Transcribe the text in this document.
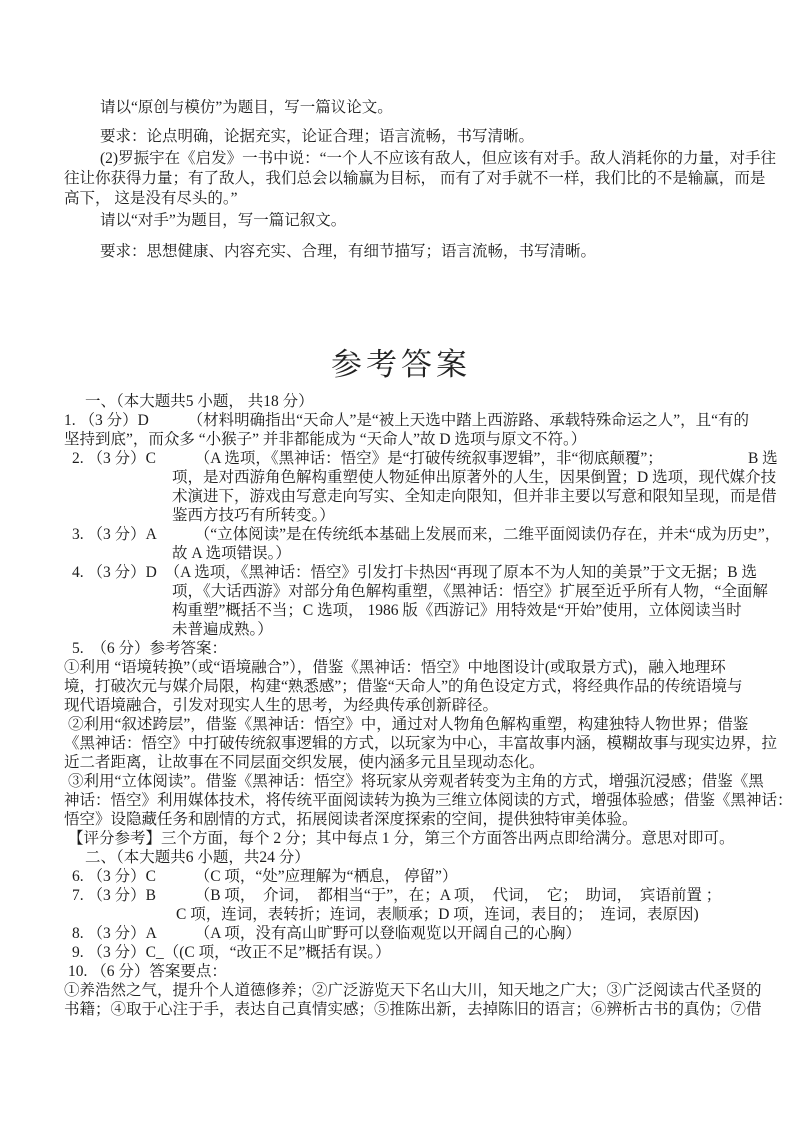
请以“原创与模仿”为题目，写一篇议论文。
要求：论点明确，论据充实，论证合理；语言流畅，书写清晰。
(2)罗振宇在《启发》一书中说：“一个人不应该有敌人，但应该有对手。敌人消耗你的力量，对手往
往让你获得力量；有了敌人，我们总会以输赢为目标， 而有了对手就不一样，我们比的不是输赢，而是
高下， 这是没有尽头的。”
请以“对手”为题目，写一篇记叙文。
要求：思想健康、内容充实、合理，有细节描写；语言流畅，书写清晰。
参考答案
一、（本大题共5 小题， 共18 分）
1. （3 分）D　　　（材料明确指出“天命人”是“被上天选中踏上西游路、承载特殊命运之人”，且“有的
坚持到底”，而众多 “小猴子” 并非都能成为 “天命人”故 D 选项与原文不符。）
2. （3 分）C　　　（A 选项，《黑神话：悟空》是“打破传统叙事逻辑”，非“彻底颠覆”；　　　　　　B 选
项，是对西游角色解构重塑使人物延伸出原著外的人生，因果倒置；D 选项，现代媒介技
术演进下，游戏由写意走向写实、全知走向限知，但并非主要以写意和限知呈现，而是借
鉴西方技巧有所转变。）
3. （3 分）A　　　（“立体阅读”是在传统纸本基础上发展而来，二维平面阅读仍存在，并未“成为历史”，
故 A 选项错误。）
4. （3 分）D　（A 选项，《黑神话：悟空》引发打卡热因“再现了原本不为人知的美景”于文无据；B 选
项，《大话西游》对部分角色解构重塑，《黑神话：悟空》扩展至近乎所有人物，“全面解
构重塑”概括不当；C 选项， 1986 版《西游记》用特效是“开始”使用，立体阅读当时
未普遍成熟。）
5.  （6 分）参考答案：
①利用 “语境转换”（或“语境融合”），借鉴《黑神话：悟空》中地图设计(或取景方式)，融入地理环
境，打破次元与媒介局限，构建“熟悉感”；借鉴“天命人”的角色设定方式，将经典作品的传统语境与
现代语境融合，引发对现实人生的思考，为经典传承创新辟径。
②利用“叙述跨层”，借鉴《黑神话：悟空》中，通过对人物角色解构重塑，构建独特人物世界；借鉴
《黑神话：悟空》中打破传统叙事逻辑的方式，以玩家为中心，丰富故事内涵，模糊故事与现实边界，拉
近二者距离，让故事在不同层面交织发展，使内涵多元且呈现动态化。
③利用“立体阅读”。借鉴《黑神话：悟空》将玩家从旁观者转变为主角的方式，增强沉浸感；借鉴《黑
神话：悟空》利用媒体技术，将传统平面阅读转为换为三维立体阅读的方式，增强体验感；借鉴《黑神话：
悟空》设隐藏任务和剧情的方式，拓展阅读者深度探索的空间，提供独特审美体验。
【评分参考】三个方面，每个 2 分；其中每点 1 分，第三个方面答出两点即给满分。意思对即可。
二、（本大题共6 小题，共24 分）
6. （3 分）C　　　（C 项，“处”应理解为“栖息， 停留”）
7. （3 分）B　　　（B 项，　介词，　都相当“于”，在；A 项，　代词，　它；　助词，　宾语前置 ；
C 项，连词，表转折；连词，表顺承；D 项，连词，表目的；　连词，表原因)
8. （3 分）A　　　（A 项，没有高山旷野可以登临观览以开阔自己的心胸）
9. （3 分）C_（(C 项，“改正不足”概括有误。）
10. （6 分）答案要点：
①养浩然之气，提升个人道德修养；②广泛游览天下名山大川，知天地之广大；③广泛阅读古代圣贤的
书籍；④取于心注于手，表达自己真情实感；⑤推陈出新，去掉陈旧的语言；⑥辨析古书的真伪；⑦借
